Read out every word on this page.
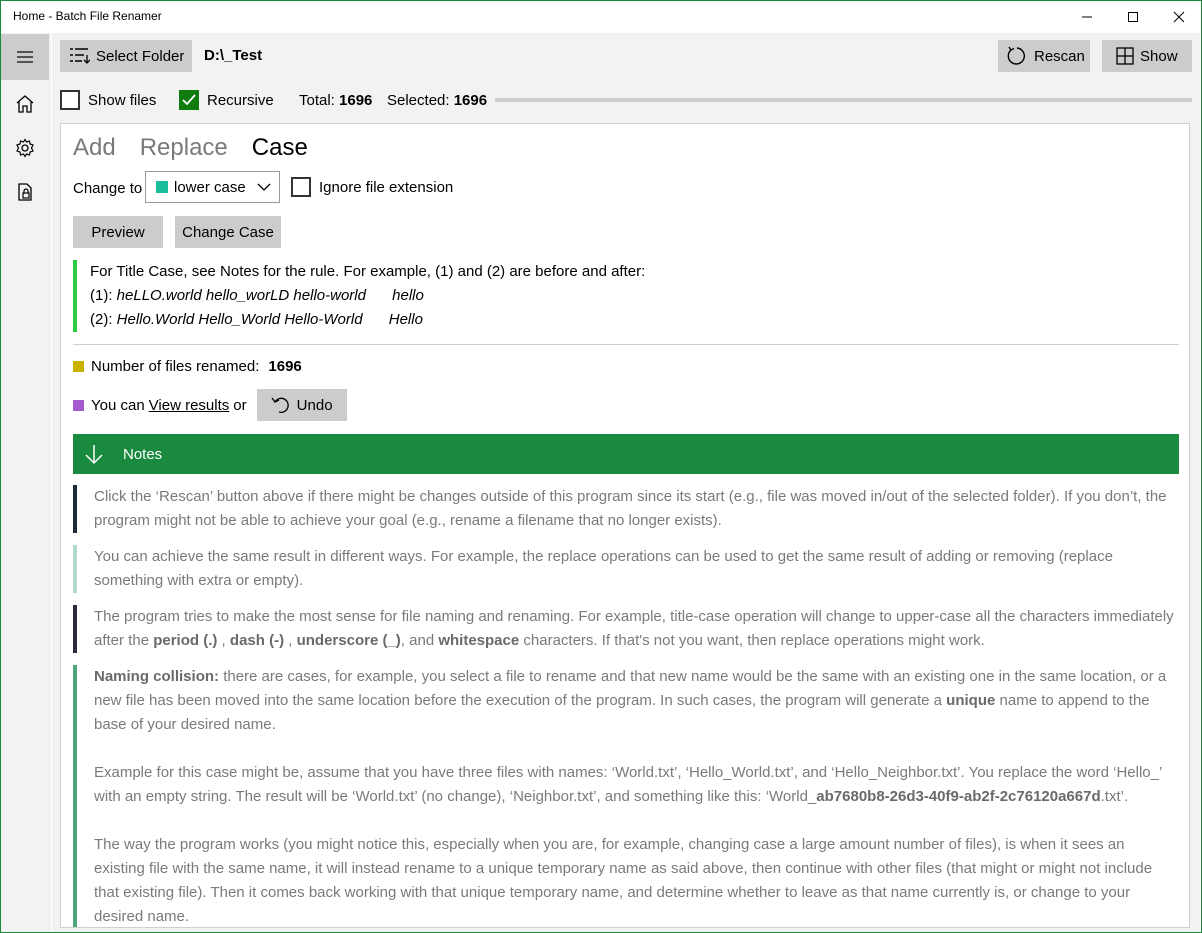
Home - Batch File Renamer
Select Folder D:\_Test	Rescan	Show
Show files	Recursive Total: 1696 Selected: 1696
Add Replace Case
Change to lower case	Ignore file extension
Preview Change Case
For Title Case, see Notes for the rule. For example, (1) and (2) are before and after:
(1): heLLO.world hello_worLD hello-world hello
(2): Hello.World Hello_World Hello-World Hello
Number of files renamed: 1696
You can View results or	Undo
Notes
Click the ‘Rescan’ button above if there might be changes outside of this program since its start (e.g., file was moved in/out of the selected folder). If you don’t, the program might not be able to achieve your goal (e.g., rename a filename that no longer exists).
You can achieve the same result in different ways. For example, the replace operations can be used to get the same result of adding or removing (replace something with extra or empty).
The program tries to make the most sense for file naming and renaming. For example, title-case operation will change to upper-case all the characters immediately after the period (.) , dash (-) , underscore (_), and whitespace characters. If that's not you want, then replace operations might work.
Naming collision: there are cases, for example, you select a file to rename and that new name would be the same with an existing one in the same location, or a new file has been moved into the same location before the execution of the program. In such cases, the program will generate a unique name to append to the base of your desired name.
Example for this case might be, assume that you have three files with names: ‘World.txt’, ‘Hello_World.txt’, and ‘Hello_Neighbor.txt’. You replace the word ‘Hello_’ with an empty string. The result will be ‘World.txt’ (no change), ‘Neighbor.txt’, and something like this: ‘World_ab7680b8-26d3-40f9-ab2f-2c76120a667d.txt’.
The way the program works (you might notice this, especially when you are, for example, changing case a large amount number of files), is when it sees an existing file with the same name, it will instead rename to a unique temporary name as said above, then continue with other files (that might or might not include that existing file). Then it comes back working with that unique temporary name, and determine whether to leave as that name currently is, or change to your desired name.
